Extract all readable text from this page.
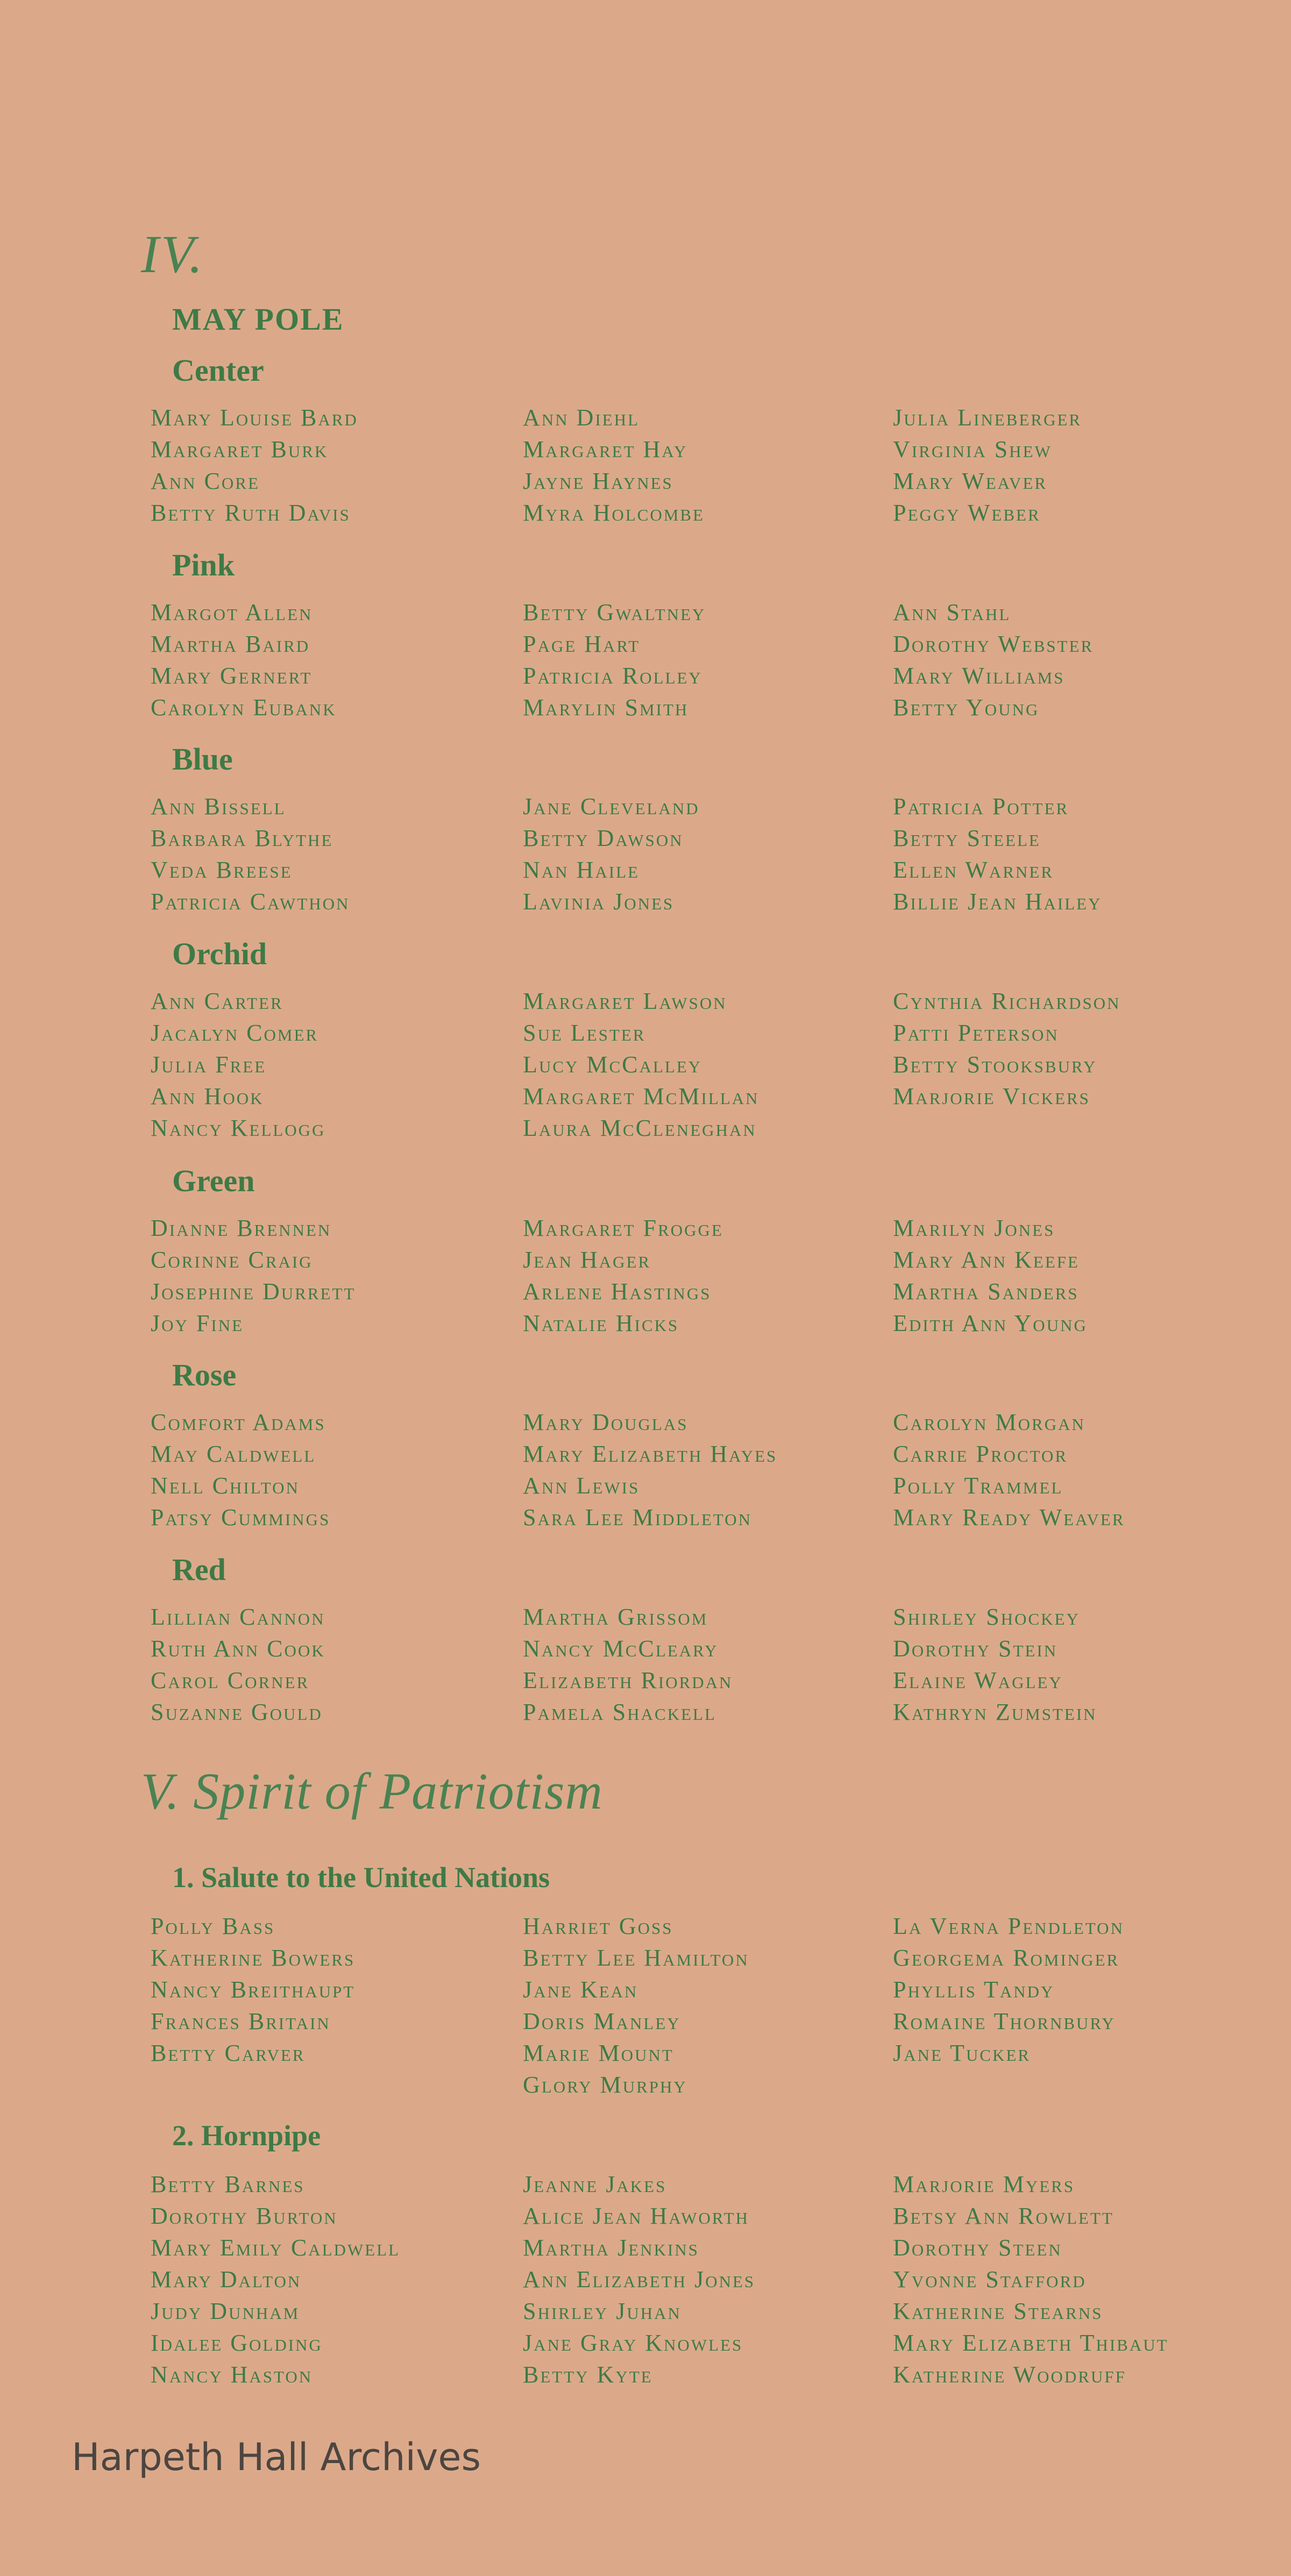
IV.
MAY POLE
Center
Mary Louise Bard
Margaret Burk
Ann Core
Betty Ruth Davis
Ann Diehl
Margaret Hay
Jayne Haynes
Myra Holcombe
Julia Lineberger
Virginia Shew
Mary Weaver
Peggy Weber
Pink
Margot Allen
Martha Baird
Mary Gernert
Carolyn Eubank
Betty Gwaltney
Page Hart
Patricia Rolley
Marylin Smith
Ann Stahl
Dorothy Webster
Mary Williams
Betty Young
Blue
Ann Bissell
Barbara Blythe
Veda Breese
Patricia Cawthon
Jane Cleveland
Betty Dawson
Nan Haile
Lavinia Jones
Patricia Potter
Betty Steele
Ellen Warner
Billie Jean Hailey
Orchid
Ann Carter
Jacalyn Comer
Julia Free
Ann Hook
Nancy Kellogg
Margaret Lawson
Sue Lester
Lucy McCalley
Margaret McMillan
Laura McCleneghan
Cynthia Richardson
Patti Peterson
Betty Stooksbury
Marjorie Vickers
Green
Dianne Brennen
Corinne Craig
Josephine Durrett
Joy Fine
Margaret Frogge
Jean Hager
Arlene Hastings
Natalie Hicks
Marilyn Jones
Mary Ann Keefe
Martha Sanders
Edith Ann Young
Rose
Comfort Adams
May Caldwell
Nell Chilton
Patsy Cummings
Mary Douglas
Mary Elizabeth Hayes
Ann Lewis
Sara Lee Middleton
Carolyn Morgan
Carrie Proctor
Polly Trammel
Mary Ready Weaver
Red
Lillian Cannon
Ruth Ann Cook
Carol Corner
Suzanne Gould
Martha Grissom
Nancy McCleary
Elizabeth Riordan
Pamela Shackell
Shirley Shockey
Dorothy Stein
Elaine Wagley
Kathryn Zumstein
V. Spirit of Patriotism
1. Salute to the United Nations
Polly Bass
Katherine Bowers
Nancy Breithaupt
Frances Britain
Betty Carver
Harriet Goss
Betty Lee Hamilton
Jane Kean
Doris Manley
Marie Mount
Glory Murphy
La Verna Pendleton
Georgema Rominger
Phyllis Tandy
Romaine Thornbury
Jane Tucker
2. Hornpipe
Betty Barnes
Dorothy Burton
Mary Emily Caldwell
Mary Dalton
Judy Dunham
Idalee Golding
Nancy Haston
Jeanne Jakes
Alice Jean Haworth
Martha Jenkins
Ann Elizabeth Jones
Shirley Juhan
Jane Gray Knowles
Betty Kyte
Marjorie Myers
Betsy Ann Rowlett
Dorothy Steen
Yvonne Stafford
Katherine Stearns
Mary Elizabeth Thibaut
Katherine Woodruff
Harpeth Hall Archives
